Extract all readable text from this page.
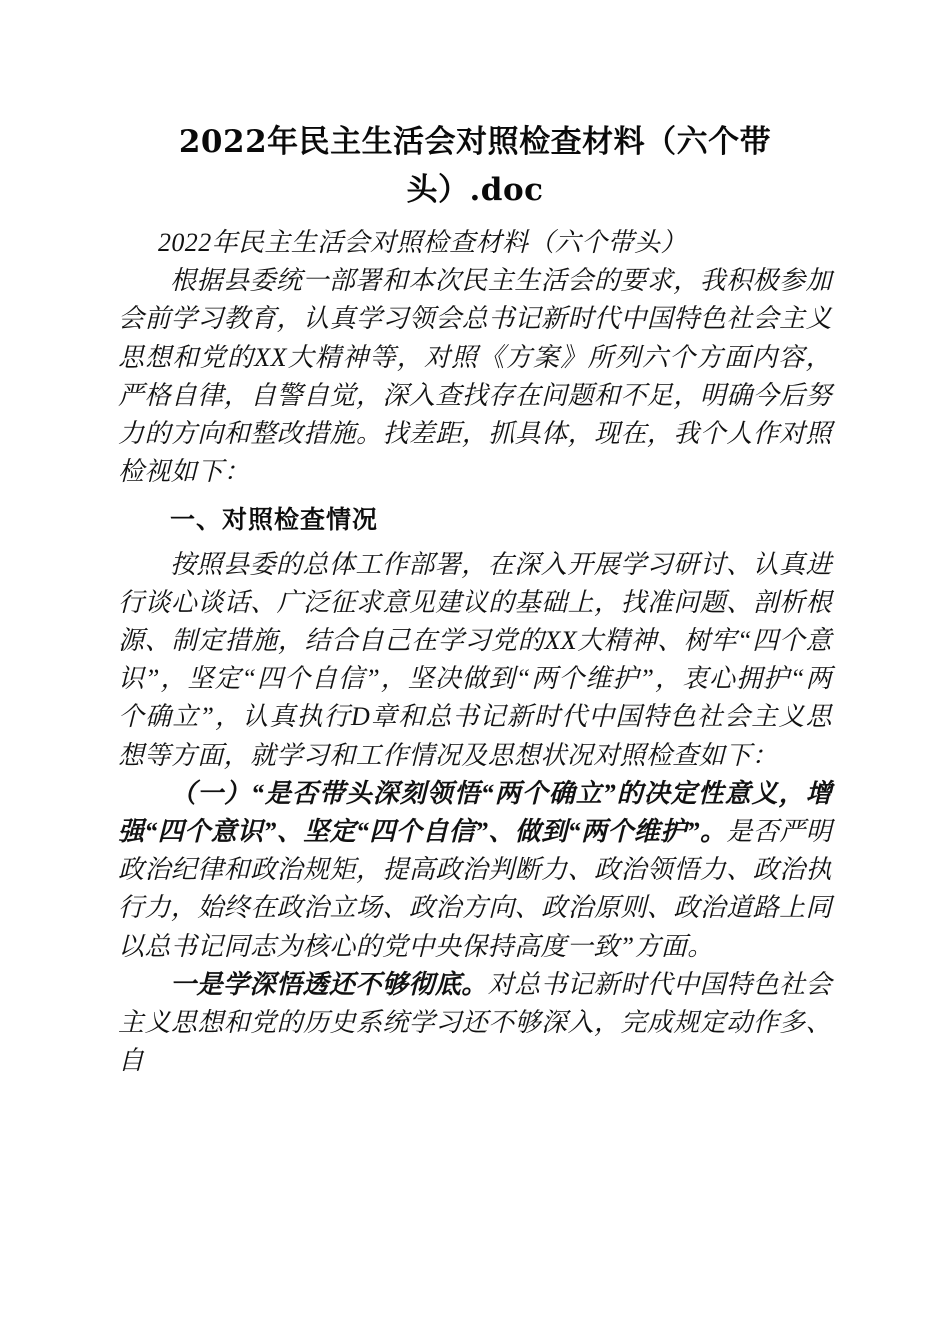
2022年民主生活会对照检查材料（六个带头）.doc

2022年民主生活会对照检查材料（六个带头）

根据县委统一部署和本次民主生活会的要求，我积极参加会前学习教育，认真学习领会总书记新时代中国特色社会主义思想和党的XX大精神等，对照《方案》所列六个方面内容，严格自律，自警自觉，深入查找存在问题和不足，明确今后努力的方向和整改措施。找差距，抓具体，现在，我个人作对照检视如下：

一、对照检查情况

按照县委的总体工作部署，在深入开展学习研讨、认真进行谈心谈话、广泛征求意见建议的基础上，找准问题、剖析根源、制定措施，结合自己在学习党的XX大精神、树牢“四个意识”，坚定“四个自信”，坚决做到“两个维护”，衷心拥护“两个确立”，认真执行D章和总书记新时代中国特色社会主义思想等方面，就学习和工作情况及思想状况对照检查如下：

（一）“是否带头深刻领悟“两个确立”的决定性意义，增强“四个意识”、坚定“四个自信”、做到“两个维护”。是否严明政治纪律和政治规矩，提高政治判断力、政治领悟力、政治执行力，始终在政治立场、政治方向、政治原则、政治道路上同以总书记同志为核心的党中央保持高度一致”方面。

一是学深悟透还不够彻底。对总书记新时代中国特色社会主义思想和党的历史系统学习还不够深入，完成规定动作多、自
